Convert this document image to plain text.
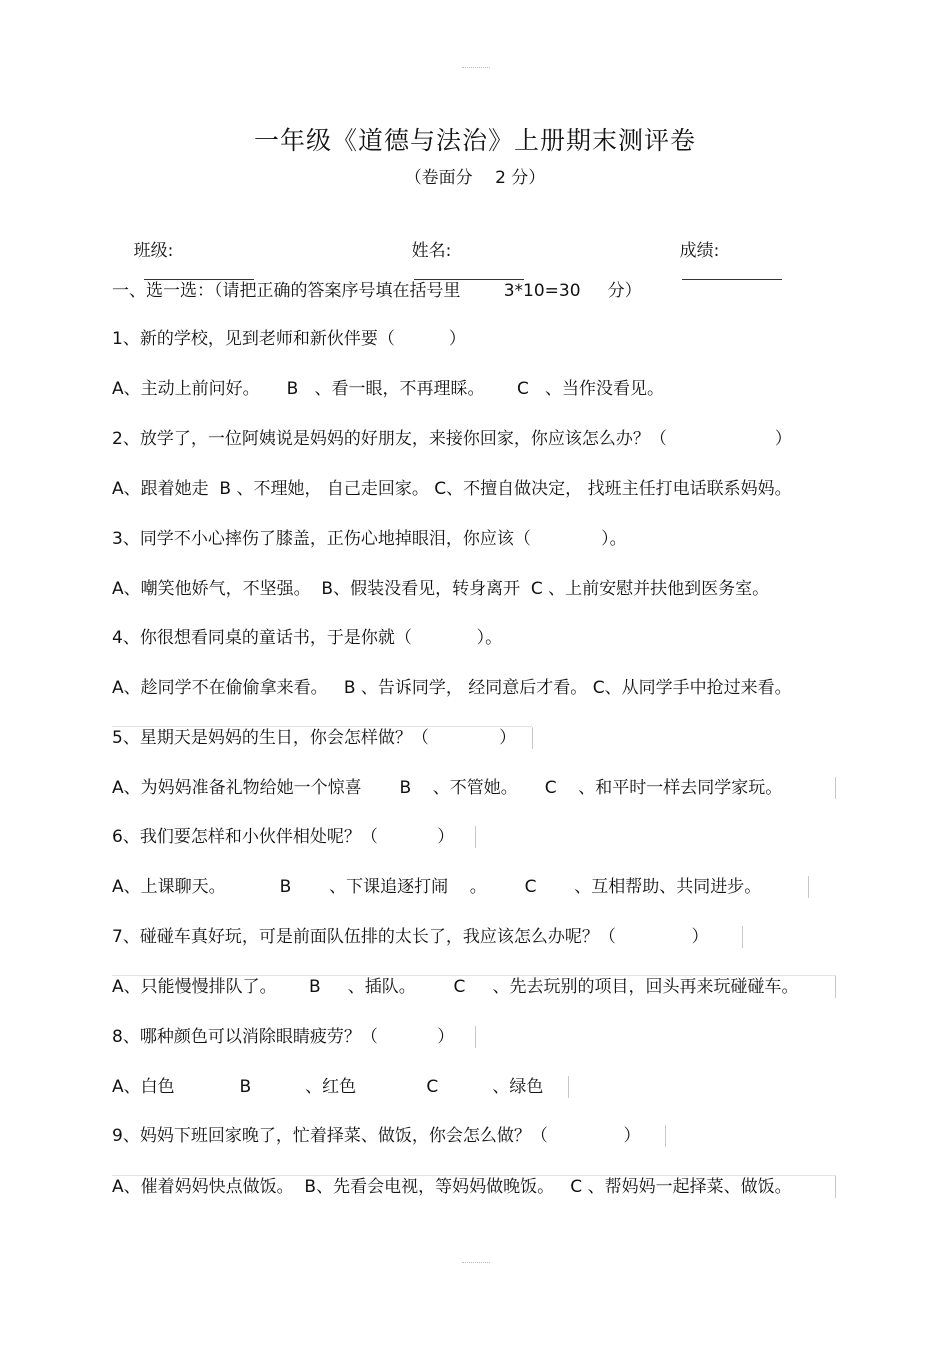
一年级《道德与法治》上册期末测评卷
（卷面分　 2 分）

班级:

	姓名:

	成绩:

一、选一选：（请把正确的答案序号填在括号里        3*10=30     分）
1、新的学校，见到老师和新伙伴要（          ）
A、主动上前问好。     B   、看一眼，不再理睬。      C   、当作没看见。
2、放学了，一位阿姨说是妈妈的好朋友，来接你回家，你应该怎么办？（                    ）
A、跟着她走  B 、不理她， 自己走回家。 C、不擅自做决定， 找班主任打电话联系妈妈。
3、同学不小心摔伤了膝盖，正伤心地掉眼泪，你应该（             ）。
A、嘲笑他娇气，不坚强。  B、假装没看见，转身离开  C 、上前安慰并扶他到医务室。
4、你很想看同桌的童话书，于是你就（            ）。
A、趁同学不在偷偷拿来看。   B 、告诉同学， 经同意后才看。 C、从同学手中抢过来看。
5、星期天是妈妈的生日，你会怎样做？（             ）
A、为妈妈准备礼物给她一个惊喜       B    、不管她。     C    、和平时一样去同学家玩。
6、我们要怎样和小伙伴相处呢？（           ）
A、上课聊天。          B       、下课追逐打闹    。       C       、互相帮助、共同进步。
7、碰碰车真好玩，可是前面队伍排的太长了，我应该怎么办呢？（              ）
A、只能慢慢排队了。      B     、插队。       C     、先去玩别的项目，回头再来玩碰碰车。
8、哪种颜色可以消除眼睛疲劳？（           ）
A、白色            B          、红色             C          、绿色
9、妈妈下班回家晚了，忙着择菜、做饭，你会怎么做？（              ）
A、催着妈妈快点做饭。  B、先看会电视，等妈妈做晚饭。   C 、帮妈妈一起择菜、做饭。
